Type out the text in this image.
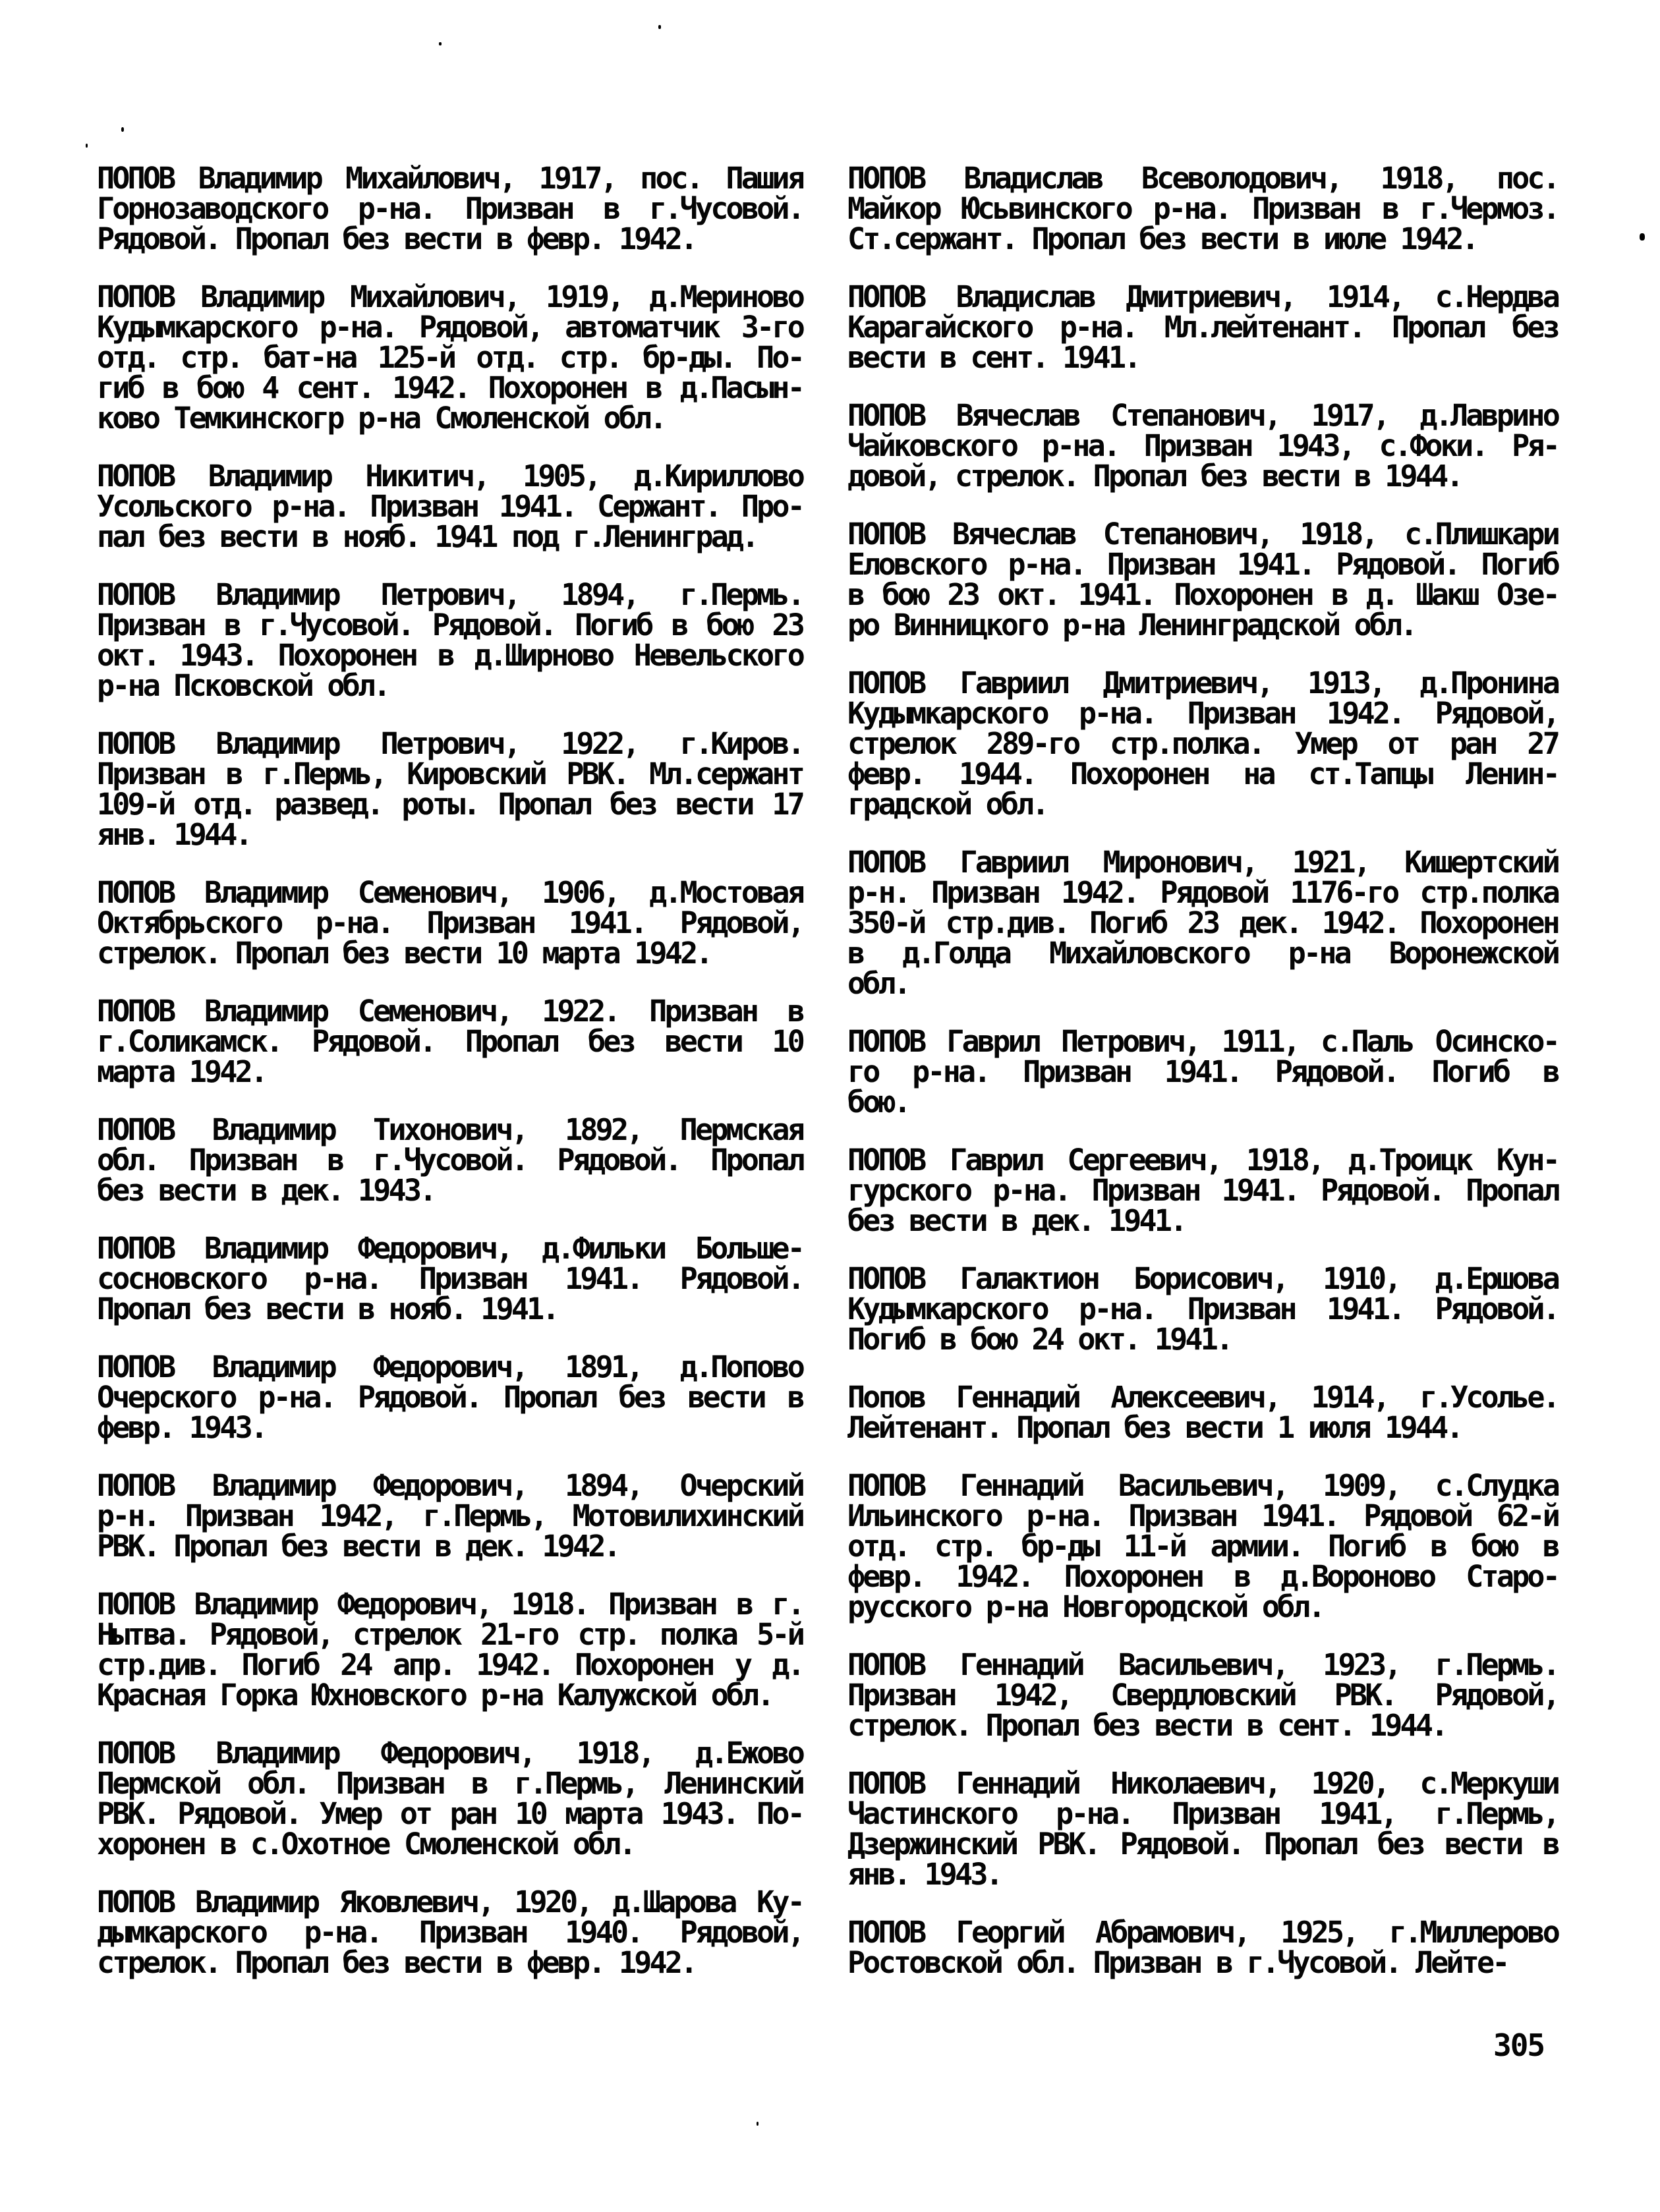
ПОПОВ Владимир Михайлович, 1917, пос. Пашия
Горнозаводского р-на. Призван в г.Чусовой.
Рядовой. Пропал без вести в февр. 1942.
ПОПОВ Владимир Михайлович, 1919, д.Мериново
Кудымкарского р-на. Рядовой, автоматчик 3-го
отд. стр. бат-на 125-й отд. стр. бр-ды. По-
гиб в бою 4 сент. 1942. Похоронен в д.Пасын-
ково Темкинскогр р-на Смоленской обл.
ПОПОВ Владимир Никитич, 1905, д.Кириллово
Усольского р-на. Призван 1941. Сержант. Про-
пал без вести в нояб. 1941 под г.Ленинград.
ПОПОВ Владимир Петрович, 1894, г.Пермь.
Призван в г.Чусовой. Рядовой. Погиб в бою 23
окт. 1943. Похоронен в д.Ширново Невельского
р-на Псковской обл.
ПОПОВ Владимир Петрович, 1922, г.Киров.
Призван в г.Пермь, Кировский РВК. Мл.сержант
109-й отд. развед. роты. Пропал без вести 17
янв. 1944.
ПОПОВ Владимир Семенович, 1906, д.Мостовая
Октябрьского р-на. Призван 1941. Рядовой,
стрелок. Пропал без вести 10 марта 1942.
ПОПОВ Владимир Семенович, 1922. Призван в
г.Соликамск. Рядовой. Пропал без вести 10
марта 1942.
ПОПОВ Владимир Тихонович, 1892, Пермская
обл. Призван в г.Чусовой. Рядовой. Пропал
без вести в дек. 1943.
ПОПОВ Владимир Федорович, д.Фильки Больше-
сосновского р-на. Призван 1941. Рядовой.
Пропал без вести в нояб. 1941.
ПОПОВ Владимир Федорович, 1891, д.Попово
Очерского р-на. Рядовой. Пропал без вести в
февр. 1943.
ПОПОВ Владимир Федорович, 1894, Очерский
р-н. Призван 1942, г.Пермь, Мотовилихинский
РВК. Пропал без вести в дек. 1942.
ПОПОВ Владимир Федорович, 1918. Призван в г.
Нытва. Рядовой, стрелок 21-го стр. полка 5-й
стр.див. Погиб 24 апр. 1942. Похоронен у д.
Красная Горка Юхновского р-на Калужской обл.
ПОПОВ Владимир Федорович, 1918, д.Ежово
Пермской обл. Призван в г.Пермь, Ленинский
РВК. Рядовой. Умер от ран 10 марта 1943. По-
хоронен в с.Охотное Смоленской обл.
ПОПОВ Владимир Яковлевич, 1920, д.Шарова Ку-
дымкарского р-на. Призван 1940. Рядовой,
стрелок. Пропал без вести в февр. 1942.
ПОПОВ Владислав Всеволодович, 1918, пос.
Майкор Юсьвинского р-на. Призван в г.Чермоз.
Ст.сержант. Пропал без вести в июле 1942.
ПОПОВ Владислав Дмитриевич, 1914, с.Нердва
Карагайского р-на. Мл.лейтенант. Пропал без
вести в сент. 1941.
ПОПОВ Вячеслав Степанович, 1917, д.Лаврино
Чайковского р-на. Призван 1943, с.Фоки. Ря-
довой, стрелок. Пропал без вести в 1944.
ПОПОВ Вячеслав Степанович, 1918, с.Плишкари
Еловского р-на. Призван 1941. Рядовой. Погиб
в бою 23 окт. 1941. Похоронен в д. Шакш Озе-
ро Винницкого р-на Ленинградской обл.
ПОПОВ Гавриил Дмитриевич, 1913, д.Пронина
Кудымкарского р-на. Призван 1942. Рядовой,
стрелок 289-го стр.полка. Умер от ран 27
февр. 1944. Похоронен на ст.Тапцы Ленин-
градской обл.
ПОПОВ Гавриил Миронович, 1921, Кишертский
р-н. Призван 1942. Рядовой 1176-го стр.полка
350-й стр.див. Погиб 23 дек. 1942. Похоронен
в д.Голда Михайловского р-на Воронежской
обл.
ПОПОВ Гаврил Петрович, 1911, с.Паль Осинско-
го р-на. Призван 1941. Рядовой. Погиб в
бою.
ПОПОВ Гаврил Сергеевич, 1918, д.Троицк Кун-
гурского р-на. Призван 1941. Рядовой. Пропал
без вести в дек. 1941.
ПОПОВ Галактион Борисович, 1910, д.Ершова
Кудымкарского р-на. Призван 1941. Рядовой.
Погиб в бою 24 окт. 1941.
Попов Геннадий Алексеевич, 1914, г.Усолье.
Лейтенант. Пропал без вести 1 июля 1944.
ПОПОВ Геннадий Васильевич, 1909, с.Слудка
Ильинского р-на. Призван 1941. Рядовой 62-й
отд. стр. бр-ды 11-й армии. Погиб в бою в
февр. 1942. Похоронен в д.Вороново Старо-
русского р-на Новгородской обл.
ПОПОВ Геннадий Васильевич, 1923, г.Пермь.
Призван 1942, Свердловский РВК. Рядовой,
стрелок. Пропал без вести в сент. 1944.
ПОПОВ Геннадий Николаевич, 1920, с.Меркуши
Частинского р-на. Призван 1941, г.Пермь,
Дзержинский РВК. Рядовой. Пропал без вести в
янв. 1943.
ПОПОВ Георгий Абрамович, 1925, г.Миллерово
Ростовской обл. Призван в г.Чусовой. Лейте-
305
